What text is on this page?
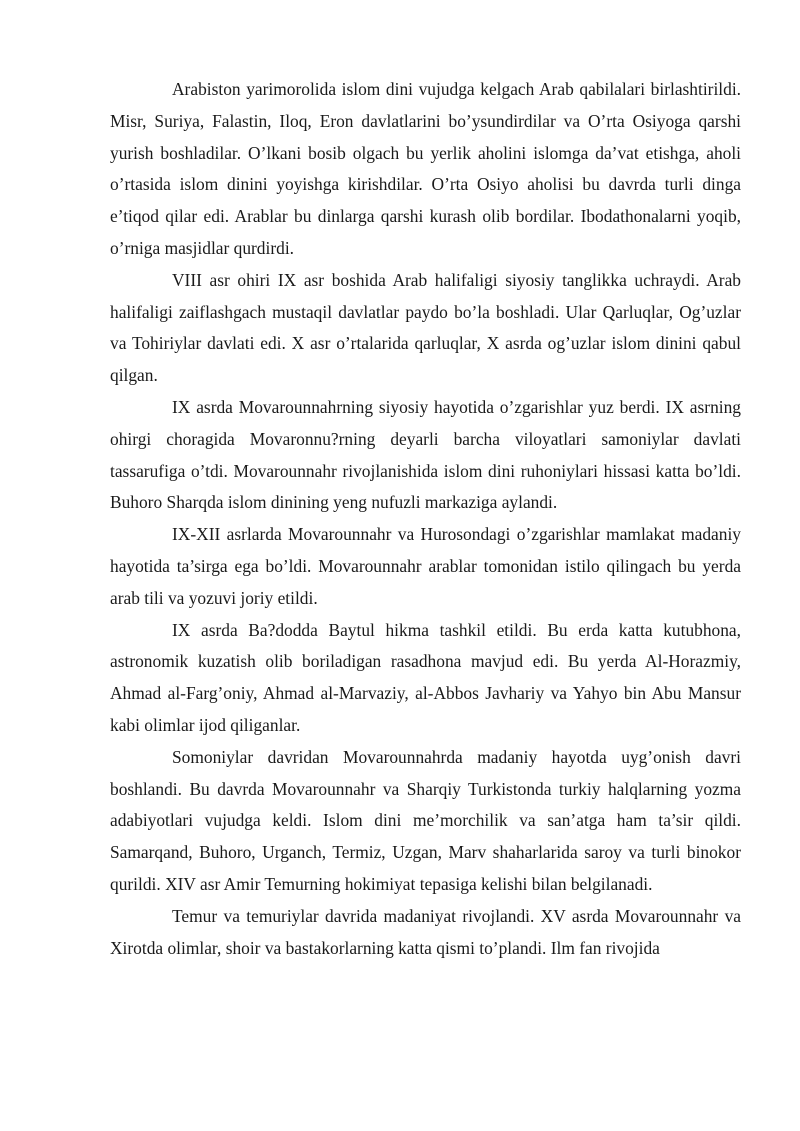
Arabiston yarimorolida islom dini vujudga kelgach Arab qabilalari birlashtirildi. Misr, Suriya, Falastin, Iloq, Eron davlatlarini bo’ysundirdilar va O’rta Osiyoga qarshi yurish boshladilar. O’lkani bosib olgach bu yerlik aholini islomga da’vat etishga, aholi o’rtasida islom dinini yoyishga kirishdilar. O’rta Osiyo aholisi bu davrda turli dinga e’tiqod qilar edi. Arablar bu dinlarga qarshi kurash olib bordilar. Ibodathonalarni yoqib, o’rniga masjidlar qurdirdi.

VIII asr ohiri IX asr boshida Arab halifaligi siyosiy tanglikka uchraydi. Arab halifaligi zaiflashgach mustaqil davlatlar paydo bo’la boshladi. Ular Qarluqlar, Og’uzlar va Tohiriylar davlati edi. X asr o’rtalarida qarluqlar, X asrda og’uzlar islom dinini qabul qilgan.

IX asrda Movarounnahrning siyosiy hayotida o’zgarishlar yuz berdi. IX asrning ohirgi choragida Movaronnu?rning deyarli barcha viloyatlari samoniylar davlati tassarufiga o’tdi. Movarounnahr rivojlanishida islom dini ruhoniylari hissasi katta bo’ldi. Buhoro Sharqda islom dinining yeng nufuzli markaziga aylandi.

IX-XII asrlarda Movarounnahr va Hurosondagi o’zgarishlar mamlakat madaniy hayotida ta’sirga ega bo’ldi. Movarounnahr arablar tomonidan istilo qilingach bu yerda arab tili va yozuvi joriy etildi.

IX asrda Ba?dodda Baytul hikma tashkil etildi. Bu erda katta kutubhona, astronomik kuzatish olib boriladigan rasadhona mavjud edi. Bu yerda Al-Horazmiy, Ahmad al-Farg’oniy, Ahmad al-Marvaziy, al-Abbos Javhariy va Yahyo bin Abu Mansur kabi olimlar ijod qiliganlar.

Somoniylar davridan Movarounnahrda madaniy hayotda uyg’onish davri boshlandi. Bu davrda Movarounnahr va Sharqiy Turkistonda turkiy halqlarning yozma adabiyotlari vujudga keldi. Islom dini me’morchilik va san’atga ham ta’sir qildi. Samarqand, Buhoro, Urganch, Termiz, Uzgan, Marv shaharlarida saroy va turli binokor qurildi. XIV asr Amir Temurning hokimiyat tepasiga kelishi bilan belgilanadi.

Temur va temuriylar davrida madaniyat rivojlandi. XV asrda Movarounnahr va Xirotda olimlar, shoir va bastakorlarning katta qismi to’plandi. Ilm fan rivojida
